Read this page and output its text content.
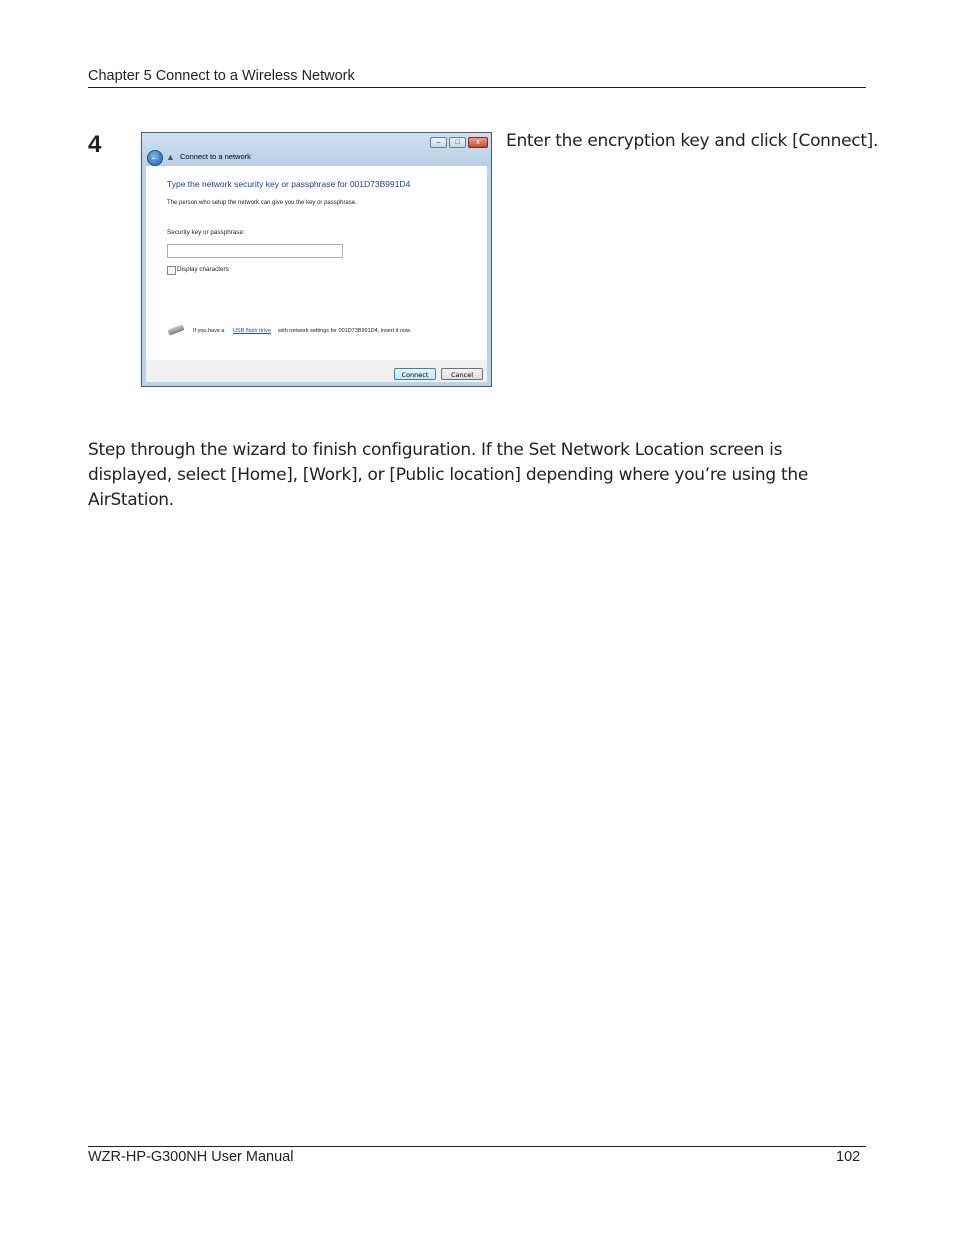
Chapter 5 Connect to a Wireless Network
4	Enter the encryption key and click [Connect].
–	□	x
← ▲ Connect to a network
Type the network security key or passphrase for 001D73B991D4
The person who setup the network can give you the key or passphrase.
Security key or passphrase:
Display characters
If you have a USB flash drive with network settings for 001D73B991D4, insert it now.
Connect	Cancel
Step through the wizard to finish configuration. If the Set Network Location screen is displayed, select [Home], [Work], or [Public location] depending where you’re using the AirStation.
WZR-HP-G300NH User Manual	102
